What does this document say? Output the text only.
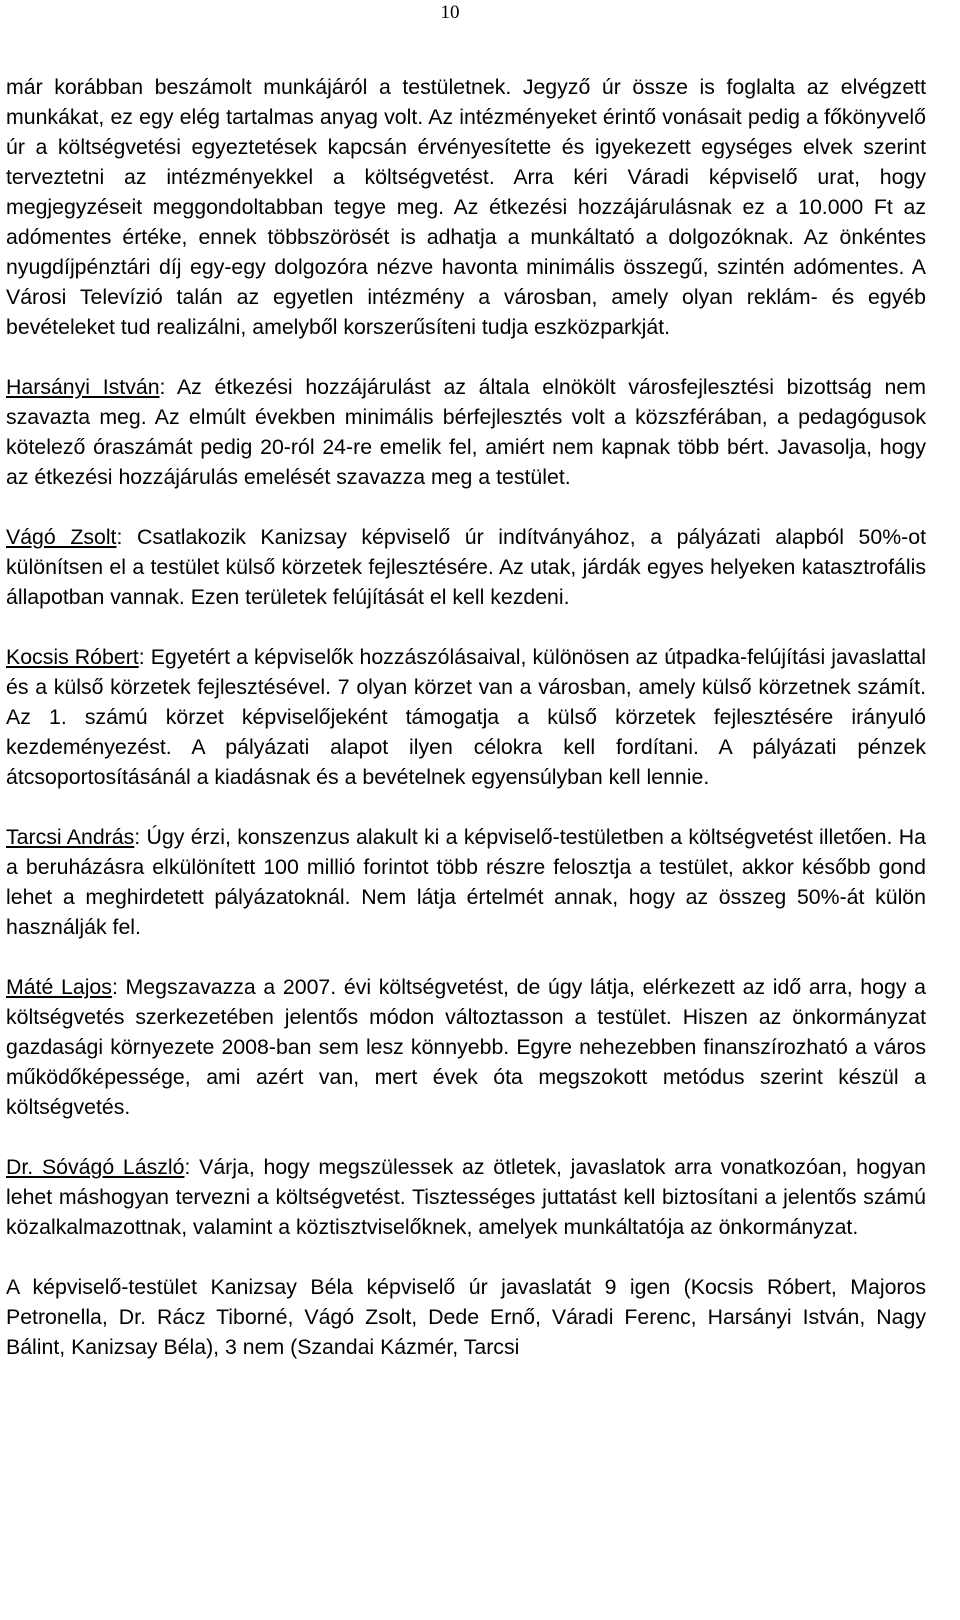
10

már korábban beszámolt munkájáról a testületnek. Jegyző úr össze is foglalta az elvégzett munkákat, ez egy elég tartalmas anyag volt. Az intézményeket érintő vonásait pedig a főkönyvelő úr a költségvetési egyeztetések kapcsán érvényesítette és igyekezett egységes elvek szerint terveztetni az intézményekkel a költségvetést. Arra kéri Váradi képviselő urat, hogy megjegyzéseit meggondoltabban tegye meg. Az étkezési hozzájárulásnak ez a 10.000 Ft az adómentes értéke, ennek többszörösét is adhatja a munkáltató a dolgozóknak. Az önkéntes nyugdíjpénztári díj egy-egy dolgozóra nézve havonta minimális összegű, szintén adómentes. A Városi Televízió talán az egyetlen intézmény a városban, amely olyan reklám- és egyéb bevételeket tud realizálni, amelyből korszerűsíteni tudja eszközparkját.

Harsányi István: Az étkezési hozzájárulást az általa elnökölt városfejlesztési bizottság nem szavazta meg. Az elmúlt években minimális bérfejlesztés volt a közszférában, a pedagógusok kötelező óraszámát pedig 20-ról 24-re emelik fel, amiért nem kapnak több bért. Javasolja, hogy az étkezési hozzájárulás emelését szavazza meg a testület.

Vágó Zsolt: Csatlakozik Kanizsay képviselő úr indítványához, a pályázati alapból 50%-ot különítsen el a testület külső körzetek fejlesztésére. Az utak, járdák egyes helyeken katasztrofális állapotban vannak. Ezen területek felújítását el kell kezdeni.

Kocsis Róbert: Egyetért a képviselők hozzászólásaival, különösen az útpadka-felújítási javaslattal és a külső körzetek fejlesztésével. 7 olyan körzet van a városban, amely külső körzetnek számít. Az 1. számú körzet képviselőjeként támogatja a külső körzetek fejlesztésére irányuló kezdeményezést. A pályázati alapot ilyen célokra kell fordítani. A pályázati pénzek átcsoportosításánál a kiadásnak és a bevételnek egyensúlyban kell lennie.

Tarcsi András: Úgy érzi, konszenzus alakult ki a képviselő-testületben a költségvetést illetően. Ha a beruházásra elkülönített 100 millió forintot több részre felosztja a testület, akkor később gond lehet a meghirdetett pályázatoknál. Nem látja értelmét annak, hogy az összeg 50%-át külön használják fel.

Máté Lajos: Megszavazza a 2007. évi költségvetést, de úgy látja, elérkezett az idő arra, hogy a költségvetés szerkezetében jelentős módon változtasson a testület. Hiszen az önkormányzat gazdasági környezete 2008-ban sem lesz könnyebb. Egyre nehezebben finanszírozható a város működőképessége, ami azért van, mert évek óta megszokott metódus szerint készül a költségvetés.

Dr. Sóvágó László: Várja, hogy megszülessek az ötletek, javaslatok arra vonatkozóan, hogyan lehet máshogyan tervezni a költségvetést. Tisztességes juttatást kell biztosítani a jelentős számú közalkalmazottnak, valamint a köztisztviselőknek, amelyek munkáltatója az önkormányzat.

A képviselő-testület Kanizsay Béla képviselő úr javaslatát 9 igen (Kocsis Róbert, Majoros Petronella, Dr. Rácz Tiborné, Vágó Zsolt, Dede Ernő, Váradi Ferenc, Harsányi István, Nagy Bálint, Kanizsay Béla), 3 nem (Szandai Kázmér, Tarcsi
